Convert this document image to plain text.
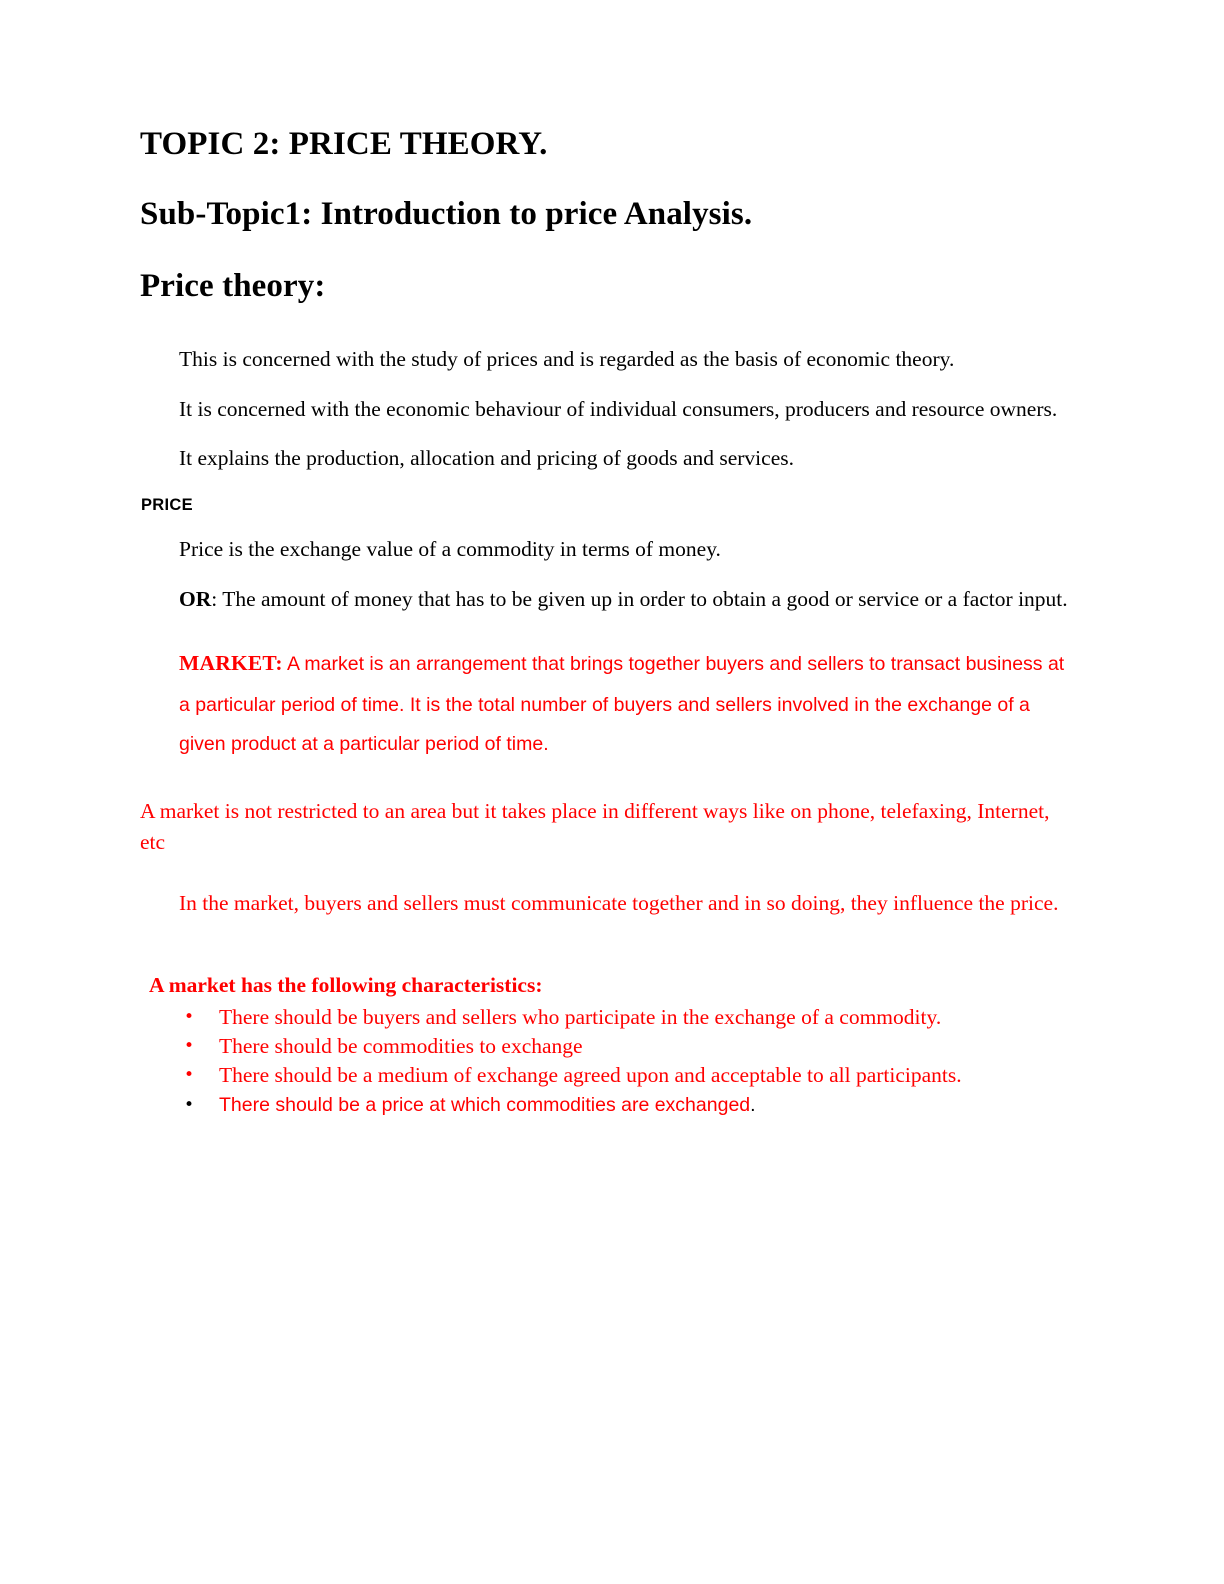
TOPIC 2: PRICE THEORY.
Sub-Topic1: Introduction to price Analysis.
Price theory:

This is concerned with the study of prices and is regarded as the basis of economic theory.

It is concerned with the economic behaviour of individual consumers, producers and resource owners.

It explains the production, allocation and pricing of goods and services.

PRICE

Price is the exchange value of a commodity in terms of money.

OR: The amount of money that has to be given up in order to obtain a good or service or a factor input.

MARKET: A market is an arrangement that brings together buyers and sellers to transact business at a particular period of time. It is the total number of buyers and sellers involved in the exchange of a given product at a particular period of time.

A market is not restricted to an area but it takes place in different ways like on phone, telefaxing, Internet, etc

In the market, buyers and sellers must communicate together and in so doing, they influence the price.

A market has the following characteristics:

• There should be buyers and sellers who participate in the exchange of a commodity.
• There should be commodities to exchange
• There should be a medium of exchange agreed upon and acceptable to all participants.
• There should be a price at which commodities are exchanged.
